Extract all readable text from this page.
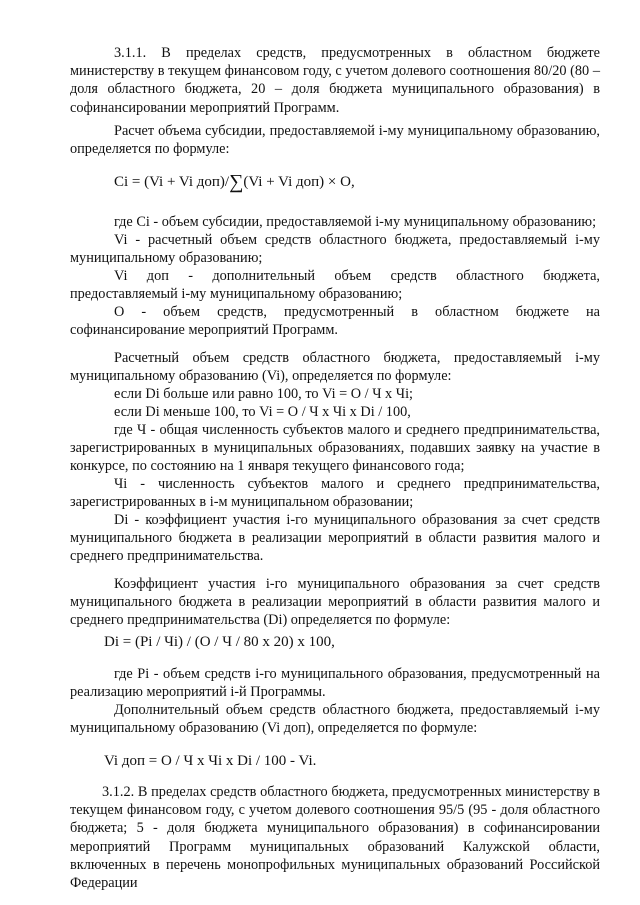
3.1.1. В пределах средств, предусмотренных в областном бюджете министерству в текущем финансовом году, с учетом долевого соотношения 80/20 (80 – доля областного бюджета, 20 – доля бюджета муниципального образования) в софинансировании мероприятий Программ.
Расчет объема субсидии, предоставляемой i-му муниципальному образованию, определяется по формуле:
Ci = (Vi + Vi доп)/∑(Vi + Vi доп) × O,
где Ci - объем субсидии, предоставляемой i-му муниципальному образованию;
Vi - расчетный объем средств областного бюджета, предоставляемый i-му муниципальному образованию;
Vi доп - дополнительный объем средств областного бюджета, предоставляемый i-му муниципальному образованию;
O - объем средств, предусмотренный в областном бюджете на софинансирование мероприятий Программ.
Расчетный объем средств областного бюджета, предоставляемый i-му муниципальному образованию (Vi), определяется по формуле:
если Di больше или равно 100, то Vi = O / Ч x Чi;
если Di меньше 100, то Vi = O / Ч x Чi x Di / 100,
где Ч - общая численность субъектов малого и среднего предпринимательства, зарегистрированных в муниципальных образованиях, подавших заявку на участие в конкурсе, по состоянию на 1 января текущего финансового года;
Чi - численность субъектов малого и среднего предпринимательства, зарегистрированных в i-м муниципальном образовании;
Di - коэффициент участия i-го муниципального образования за счет средств муниципального бюджета в реализации мероприятий в области развития малого и среднего предпринимательства.
Коэффициент участия i-го муниципального образования за счет средств муниципального бюджета в реализации мероприятий в области развития малого и среднего предпринимательства (Di) определяется по формуле:
Di = (Pi / Чi) / (O / Ч / 80 x 20) x 100,
где Pi - объем средств i-го муниципального образования, предусмотренный на реализацию мероприятий i-й Программы.
Дополнительный объем средств областного бюджета, предоставляемый i-му муниципальному образованию (Vi доп), определяется по формуле:
Vi доп = O / Ч x Чi x Di / 100 - Vi.
3.1.2. В пределах средств областного бюджета, предусмотренных министерству в текущем финансовом году, с учетом долевого соотношения 95/5 (95 - доля областного бюджета; 5 - доля бюджета муниципального образования) в софинансировании мероприятий Программ муниципальных образований Калужской области, включенных в перечень монопрофильных муниципальных образований Российской Федерации
